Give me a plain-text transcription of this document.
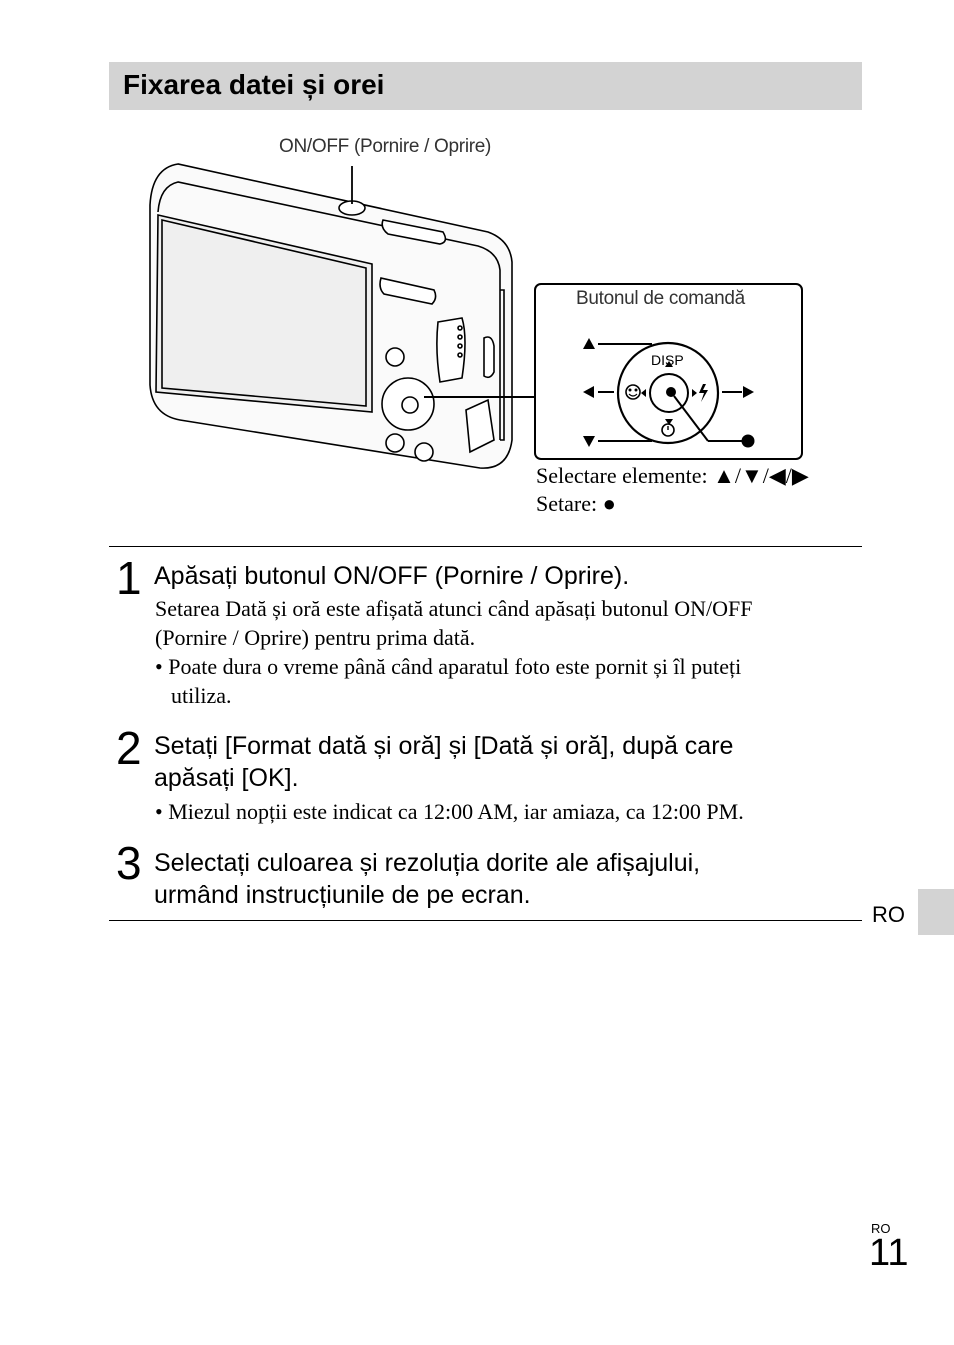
Fixarea datei și orei
DISP
ON/OFF (Pornire / Oprire)
Butonul de comandă
Selectare elemente: ▲/▼/◀/▶
Setare: ●
1 Apăsați butonul ON/OFF (Pornire / Oprire).
Setarea Dată și oră este afișată atunci când apăsați butonul ON/OFF
(Pornire / Oprire) pentru prima dată.
• Poate dura o vreme până când aparatul foto este pornit și îl puteți
utiliza.
2 Setați [Format dată și oră] și [Dată și oră], după care
apăsați [OK].
• Miezul nopții este indicat ca 12:00 AM, iar amiaza, ca 12:00 PM.
3 Selectați culoarea și rezoluția dorite ale afișajului,
urmând instrucțiunile de pe ecran.
RO
RO
11
